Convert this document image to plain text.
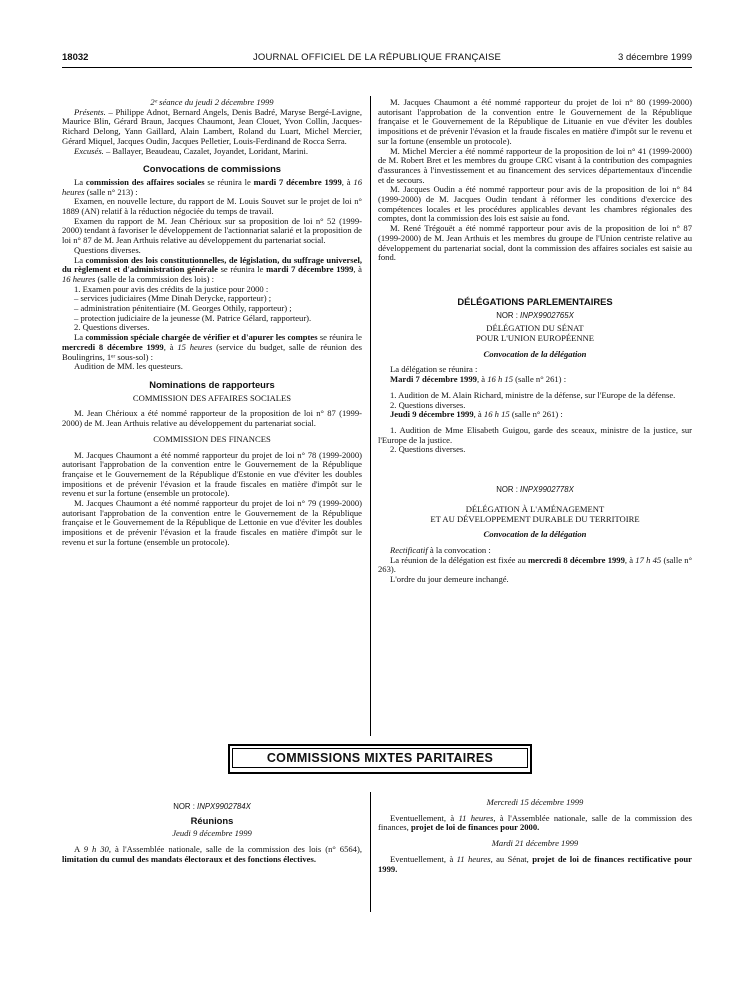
18032	JOURNAL OFFICIEL DE LA RÉPUBLIQUE FRANÇAISE	3 décembre 1999

2ᵉ séance du jeudi 2 décembre 1999

Présents. – Philippe Adnot, Bernard Angels, Denis Badré, Maryse Bergé-Lavigne, Maurice Blin, Gérard Braun, Jacques Chaumont, Jean Clouet, Yvon Collin, Jacques-Richard Delong, Yann Gaillard, Alain Lambert, Roland du Luart, Michel Mercier, Gérard Miquel, Jacques Oudin, Jacques Pelletier, Louis-Ferdinand de Rocca Serra.

Excusés. – Ballayer, Beaudeau, Cazalet, Joyandet, Loridant, Marini.

Convocations de commissions

La commission des affaires sociales se réunira le mardi 7 décembre 1999, à 16 heures (salle n° 213) :

Examen, en nouvelle lecture, du rapport de M. Louis Souvet sur le projet de loi n° 1889 (AN) relatif à la réduction négociée du temps de travail.

Examen du rapport de M. Jean Chérioux sur sa proposition de loi n° 52 (1999-2000) tendant à favoriser le développement de l'actionnariat salarié et la proposition de loi n° 87 de M. Jean Arthuis relative au développement du partenariat social.

Questions diverses.

La commission des lois constitutionnelles, de législation, du suffrage universel, du règlement et d'administration générale se réunira le mardi 7 décembre 1999, à 16 heures (salle de la commission des lois) :

1. Examen pour avis des crédits de la justice pour 2000 :

– services judiciaires (Mme Dinah Derycke, rapporteur) ;

– administration pénitentiaire (M. Georges Othily, rapporteur) ;

– protection judiciaire de la jeunesse (M. Patrice Gélard, rapporteur).

2. Questions diverses.

La commission spéciale chargée de vérifier et d'apurer les comptes se réunira le mercredi 8 décembre 1999, à 15 heures (service du budget, salle de réunion des Boulingrins, 1ᵉʳ sous-sol) :

Audition de MM. les questeurs.

Nominations de rapporteurs

COMMISSION DES AFFAIRES SOCIALES

M. Jean Chérioux a été nommé rapporteur de la proposition de loi n° 87 (1999-2000) de M. Jean Arthuis relative au développement du partenariat social.

COMMISSION DES FINANCES

M. Jacques Chaumont a été nommé rapporteur du projet de loi n° 78 (1999-2000) autorisant l'approbation de la convention entre le Gouvernement de la République française et le Gouvernement de la République d'Estonie en vue d'éviter les doubles impositions et de prévenir l'évasion et la fraude fiscales en matière d'impôt sur le revenu et sur la fortune (ensemble un protocole).

M. Jacques Chaumont a été nommé rapporteur du projet de loi n° 79 (1999-2000) autorisant l'approbation de la convention entre le Gouvernement de la République française et le Gouvernement de la République de Lettonie en vue d'éviter les doubles impositions et de prévenir l'évasion et la fraude fiscales en matière d'impôt sur le revenu et sur la fortune (ensemble un protocole).

M. Jacques Chaumont a été nommé rapporteur du projet de loi n° 80 (1999-2000) autorisant l'approbation de la convention entre le Gouvernement de la République française et le Gouvernement de la République de Lituanie en vue d'éviter les doubles impositions et de prévenir l'évasion et la fraude fiscales en matière d'impôt sur le revenu et sur la fortune (ensemble un protocole).

M. Michel Mercier a été nommé rapporteur de la proposition de loi n° 41 (1999-2000) de M. Robert Bret et les membres du groupe CRC visant à la contribution des compagnies d'assurances à l'investissement et au financement des services départementaux d'incendie et de secours.

M. Jacques Oudin a été nommé rapporteur pour avis de la proposition de loi n° 84 (1999-2000) de M. Jacques Oudin tendant à réformer les conditions d'exercice des compétences locales et les procédures applicables devant les chambres régionales des comptes, dont la commission des lois est saisie au fond.

M. René Trégouët a été nommé rapporteur pour avis de la proposition de loi n° 87 (1999-2000) de M. Jean Arthuis et les membres du groupe de l'Union centriste relative au développement du partenariat social, dont la commission des affaires sociales est saisie au fond.

DÉLÉGATIONS PARLEMENTAIRES
NOR : INPX9902765X

DÉLÉGATION DU SÉNAT

POUR L'UNION EUROPÉENNE

Convocation de la délégation

La délégation se réunira :

Mardi 7 décembre 1999, à 16 h 15 (salle n° 261) :

1. Audition de M. Alain Richard, ministre de la défense, sur l'Europe de la défense.

2. Questions diverses.

Jeudi 9 décembre 1999, à 16 h 15 (salle n° 261) :

1. Audition de Mme Elisabeth Guigou, garde des sceaux, ministre de la justice, sur l'Europe de la justice.

2. Questions diverses.

NOR : INPX9902778X

DÉLÉGATION À L'AMÉNAGEMENT

ET AU DÉVELOPPEMENT DURABLE DU TERRITOIRE

Convocation de la délégation

Rectificatif à la convocation :

La réunion de la délégation est fixée au mercredi 8 décembre 1999, à 17 h 45 (salle n° 263).

L'ordre du jour demeure inchangé.

COMMISSIONS MIXTES PARITAIRES
NOR : INPX9902784X
Réunions

Jeudi 9 décembre 1999

A 9 h 30, à l'Assemblée nationale, salle de la commission des lois (n° 6564), limitation du cumul des mandats électoraux et des fonctions électives.

Mercredi 15 décembre 1999

Eventuellement, à 11 heures, à l'Assemblée nationale, salle de la commission des finances, projet de loi de finances pour 2000.

Mardi 21 décembre 1999

Eventuellement, à 11 heures, au Sénat, projet de loi de finances rectificative pour 1999.
